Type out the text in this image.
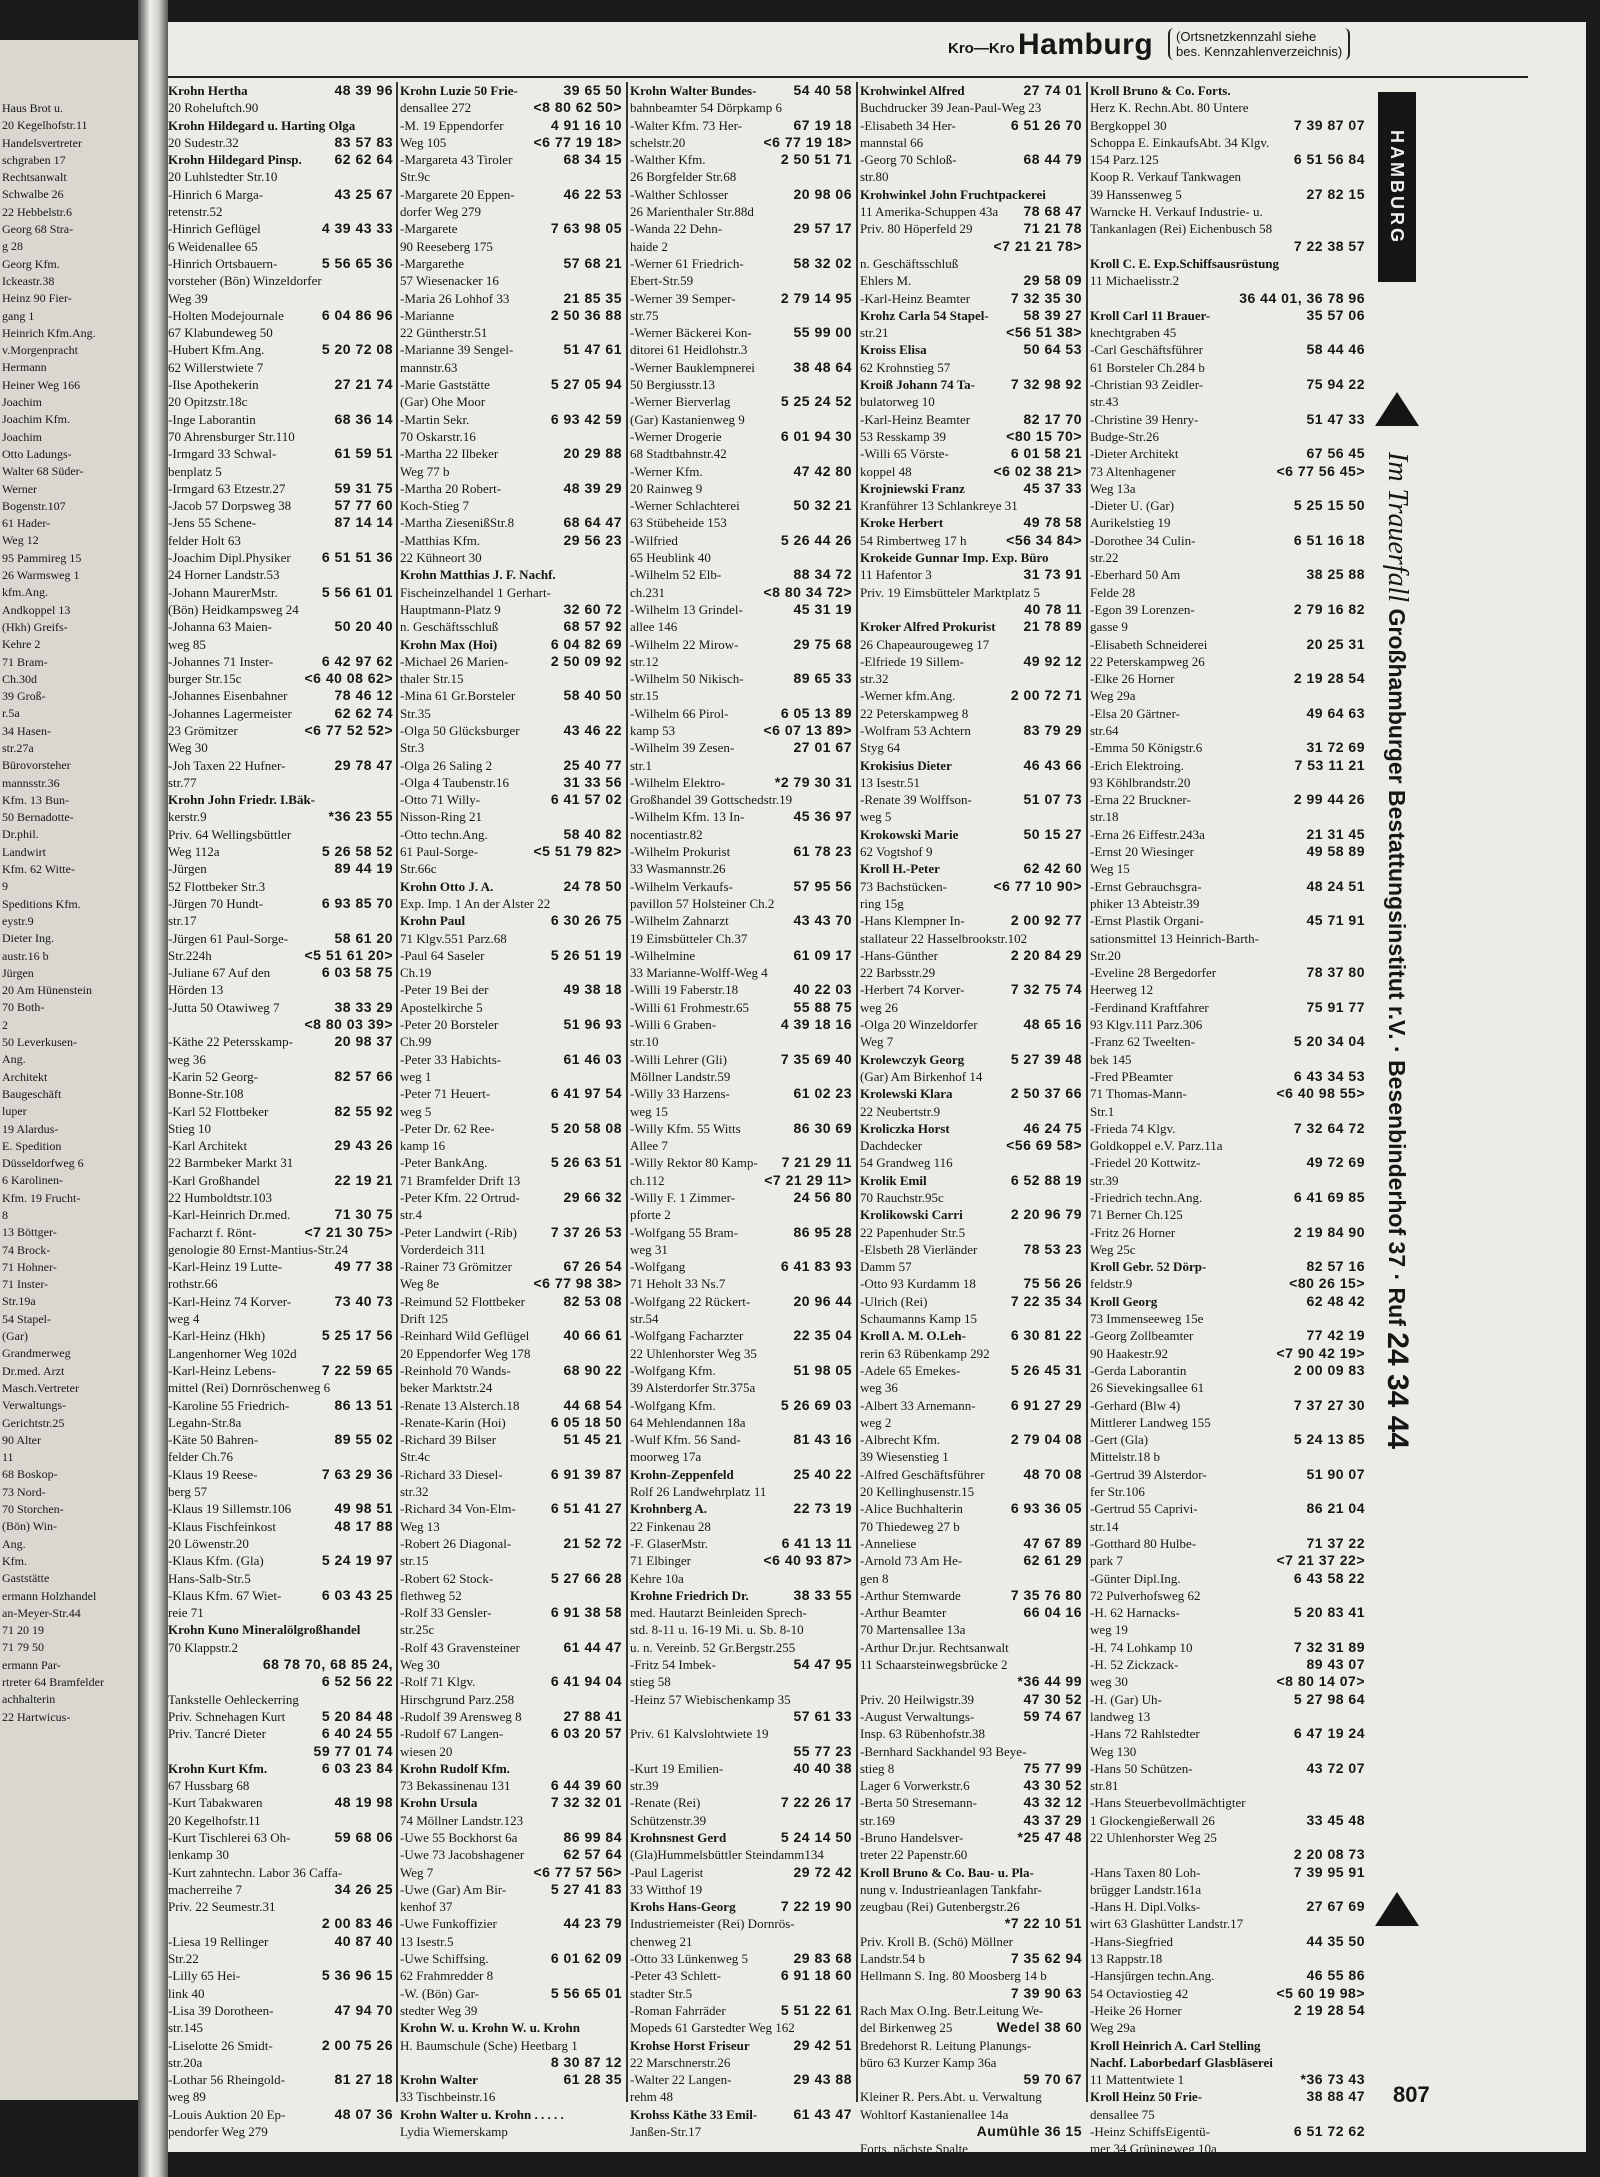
Haus Brot u.
20 Kegelhofstr.11
Handelsvertreter
schgraben 17
Rechtsanwalt
Schwalbe 26
22 Hebbelstr.6
Georg 68 Stra-
g 28
Georg Kfm.
Ickeastr.38
Heinz 90 Fier-
gang 1
Heinrich Kfm.Ang.
v.Morgenpracht
Hermann
Heiner Weg 166
Joachim
Joachim Kfm.
Joachim
Otto Ladungs-
Walter 68 Süder-
Werner
Bogenstr.107
61 Hader-
Weg 12
95 Pammireg 15
26 Warmsweg 1
kfm.Ang.
Andkoppel 13
(Hkh) Greifs-
Kehre 2
71 Bram-
Ch.30d
39 Groß-
r.5a
34 Hasen-
str.27a
Bürovorsteher
mannsstr.36
Kfm. 13 Bun-
50 Bernadotte-
Dr.phil.
Landwirt
Kfm. 62 Witte-
9
Speditions Kfm.
eystr.9
Dieter Ing.
austr.16 b
Jürgen
20 Am Hünenstein
70 Both-
2
50 Leverkusen-
Ang.
Architekt
Baugeschäft
luper
19 Alardus-
E. Spedition
Düsseldorfweg 6
6 Karolinen-
Kfm. 19 Frucht-
8
13 Böttger-
74 Brock-
71 Hohner-
71 Inster-
Str.19a
54 Stapel-
(Gar)
Grandmerweg
Dr.med. Arzt
Masch.Vertreter
Verwaltungs-
Gerichtstr.25
90 Alter
11
68 Boskop-
73 Nord-
70 Storchen-
(Bön) Win-
Ang.
Kfm.
Gaststätte
ermann Holzhandel
an-Meyer-Str.44
71 20 19
71 79 50
ermann Par-
rtreter 64 Bramfelder
achhalterin
22 Hartwicus-
Kro—Kro Hamburg	(Ortsnetzkennzahl siehe
bes. Kennzahlenverzeichnis)
Krohn Hertha	48 39 96
20 Roheluftch.90
Krohn Hildegard u. Harting Olga
20 Sudestr.32	83 57 83
Krohn Hildegard Pinsp. 62 62 64
20 Luhlstedter Str.10
-Hinrich 6 Marga-	43 25 67
retenstr.52
-Hinrich Geflügel	4 39 43 33
6 Weidenallee 65
-Hinrich Ortsbauern-	5 56 65 36
vorsteher (Bön) Winzeldorfer
Weg 39
-Holten Modejournale	6 04 86 96
67 Klabundeweg 50
-Hubert Kfm.Ang.	5 20 72 08
62 Willerstwiete 7
-Ilse Apothekerin	27 21 74
20 Opitzstr.18c
-Inge Laborantin	68 36 14
70 Ahrensburger Str.110
-Irmgard 33 Schwal-	61 59 51
benplatz 5
-Irmgard 63 Etzestr.27	59 31 75
-Jacob 57 Dorpsweg 38	57 77 60
-Jens 55 Schene-	87 14 14
felder Holt 63
-Joachim Dipl.Physiker 6 51 51 36
24 Horner Landstr.53
-Johann MaurerMstr.	5 56 61 01
(Bön) Heidkampsweg 24
-Johanna 63 Maien-	50 20 40
weg 85
-Johannes 71 Inster-	6 42 97 62
burger Str.15c	<6 40 08 62>
-Johannes Eisenbahner	78 46 12
-Johannes Lagermeister	62 62 74
23 Grömitzer	<6 77 52 52>
Weg 30
-Joh Taxen 22 Hufner-	29 78 47
str.77
Krohn John Friedr. I.Bäk-
kerstr.9	*36 23 55
Priv. 64 Wellingsbüttler
Weg 112a	5 26 58 52
-Jürgen	89 44 19
52 Flottbeker Str.3
-Jürgen 70 Hundt-	6 93 85 70
str.17
-Jürgen 61 Paul-Sorge-	58 61 20
Str.224h	<5 51 61 20>
-Juliane 67 Auf den	6 03 58 75
Hörden 13
-Jutta 50 Otawiweg 7	38 33 29
<8 80 03 39>
-Käthe 22 Petersskamp-	20 98 37
weg 36
-Karin 52 Georg-	82 57 66
Bonne-Str.108
-Karl 52 Flottbeker	82 55 92
Stieg 10
-Karl Architekt	29 43 26
22 Barmbeker Markt 31
-Karl Großhandel	22 19 21
22 Humboldtstr.103
-Karl-Heinrich Dr.med.	71 30 75
Facharzt f. Rönt-	<7 21 30 75>
genologie 80 Ernst-Mantius-Str.24
-Karl-Heinz 19 Lutte-	49 77 38
rothstr.66
-Karl-Heinz 74 Korver-	73 40 73
weg 4
-Karl-Heinz (Hkh)	5 25 17 56
Langenhorner Weg 102d
-Karl-Heinz Lebens-	7 22 59 65
mittel (Rei) Dornröschenweg 6
-Karoline 55 Friedrich-	86 13 51
Legahn-Str.8a
-Käte 50 Bahren-	89 55 02
felder Ch.76
-Klaus 19 Reese-	7 63 29 36
berg 57
-Klaus 19 Sillemstr.106	49 98 51
-Klaus Fischfeinkost	48 17 88
20 Löwenstr.20
-Klaus Kfm. (Gla)	5 24 19 97
Hans-Salb-Str.5
-Klaus Kfm. 67 Wiet-	6 03 43 25
reie 71
Krohn Kuno Mineralölgroßhandel
70 Klappstr.2
68 78 70, 68 85 24,
6 52 56 22
Tankstelle Oehleckerring
Priv. Schnehagen Kurt	5 20 84 48
Priv. Tancré Dieter	6 40 24 55
59 77 01 74
Krohn Kurt Kfm.	6 03 23 84
67 Hussbarg 68
-Kurt Tabakwaren	48 19 98
20 Kegelhofstr.11
-Kurt Tischlerei 63 Oh-	59 68 06
lenkamp 30
-Kurt zahntechn. Labor 36 Caffa-
macherreihe 7	34 26 25
Priv. 22 Seumestr.31
2 00 83 46
-Liesa 19 Rellinger	40 87 40
Str.22
-Lilly 65 Hei-	5 36 96 15
link 40
-Lisa 39 Dorotheen-	47 94 70
str.145
-Liselotte 26 Smidt-	2 00 75 26
str.20a
-Lothar 56 Rheingold-	81 27 18
weg 89
-Louis Auktion 20 Ep-	48 07 36
pendorfer Weg 279
Krohn Luzie 50 Frie-	39 65 50
densallee 272	<8 80 62 50>
-M. 19 Eppendorfer	4 91 16 10
Weg 105	<6 77 19 18>
-Margareta 43 Tiroler	68 34 15
Str.9c
-Margarete 20 Eppen-	46 22 53
dorfer Weg 279
-Margarete	7 63 98 05
90 Reeseberg 175
-Margarethe	57 68 21
57 Wiesenacker 16
-Maria 26 Lohhof 33	21 85 35
-Marianne	2 50 36 88
22 Güntherstr.51
-Marianne 39 Sengel-	51 47 61
mannstr.63
-Marie Gaststätte	5 27 05 94
(Gar) Ohe Moor
-Martin Sekr.	6 93 42 59
70 Oskarstr.16
-Martha 22 Ilbeker	20 29 88
Weg 77 b
-Martha 20 Robert-	48 39 29
Koch-Stieg 7
-Martha ZiesenißStr.8	68 64 47
-Matthias Kfm.	29 56 23
22 Kühneort 30
Krohn Matthias J. F. Nachf.
Fischeinzelhandel 1 Gerhart-
Hauptmann-Platz 9	32 60 72
n. Geschäftsschluß	68 57 92
Krohn Max (Hoi)	6 04 82 69
-Michael 26 Marien-	2 50 09 92
thaler Str.15
-Mina 61 Gr.Borsteler	58 40 50
Str.35
-Olga 50 Glücksburger	43 46 22
Str.3
-Olga 26 Saling 2	25 40 77
-Olga 4 Taubenstr.16	31 33 56
-Otto 71 Willy-	6 41 57 02
Nisson-Ring 21
-Otto techn.Ang.	58 40 82
61 Paul-Sorge-	<5 51 79 82>
Str.66c
Krohn Otto J. A.	24 78 50
Exp. Imp. 1 An der Alster 22
Krohn Paul	6 30 26 75
71 Klgv.551 Parz.68
-Paul 64 Saseler	5 26 51 19
Ch.19
-Peter 19 Bei der	49 38 18
Apostelkirche 5
-Peter 20 Borsteler	51 96 93
Ch.99
-Peter 33 Habichts-	61 46 03
weg 1
-Peter 71 Heuert-	6 41 97 54
weg 5
-Peter Dr. 62 Ree-	5 20 58 08
kamp 16
-Peter BankAng.	5 26 63 51
71 Bramfelder Drift 13
-Peter Kfm. 22 Ortrud-	29 66 32
str.4
-Peter Landwirt (-Rib) 7 37 26 53
Vorderdeich 311
-Rainer 73 Grömitzer	67 26 54
Weg 8e	<6 77 98 38>
-Reimund 52 Flottbeker	82 53 08
Drift 125
-Reinhard Wild Geflügel 40 66 61
20 Eppendorfer Weg 178
-Reinhold 70 Wands-	68 90 22
beker Marktstr.24
-Renate 13 Alsterch.18	44 68 54
-Renate-Karin (Hoi)	6 05 18 50
-Richard 39 Bilser	51 45 21
Str.4c
-Richard 33 Diesel-	6 91 39 87
str.32
-Richard 34 Von-Elm-	6 51 41 27
Weg 13
-Robert 26 Diagonal-	21 52 72
str.15
-Robert 62 Stock-	5 27 66 28
flethweg 52
-Rolf 33 Gensler-	6 91 38 58
str.25c
-Rolf 43 Gravensteiner	61 44 47
Weg 30
-Rolf 71 Klgv.	6 41 94 04
Hirschgrund Parz.258
-Rudolf 39 Arensweg 8	27 88 41
-Rudolf 67 Langen-	6 03 20 57
wiesen 20
Krohn Rudolf Kfm.
73 Bekassinenau 131	6 44 39 60
Krohn Ursula	7 32 32 01
74 Möllner Landstr.123
-Uwe 55 Bockhorst 6a	86 99 84
-Uwe 73 Jacobshagener	62 57 64
Weg 7	<6 77 57 56>
-Uwe (Gar) Am Bir-	5 27 41 83
kenhof 37
-Uwe Funkoffizier	44 23 79
13 Isestr.5
-Uwe Schiffsing.	6 01 62 09
62 Frahmredder 8
-W. (Bön) Gar-	5 56 65 01
stedter Weg 39
Krohn W. u. Krohn W. u. Krohn
H. Baumschule (Sche) Heetbarg 1
8 30 87 12
Krohn Walter	61 28 35
33 Tischbeinstr.16
Krohn Walter u. Krohn . . . . .
Lydia Wiemerskamp
Krohn Walter Bundes-	54 40 58
bahnbeamter 54 Dörpkamp 6
-Walter Kfm. 73 Her-	67 19 18
schelstr.20	<6 77 19 18>
-Walther Kfm.	2 50 51 71
26 Borgfelder Str.68
-Walther Schlosser	20 98 06
26 Marienthaler Str.88d
-Wanda 22 Dehn-	29 57 17
haide 2
-Werner 61 Friedrich-	58 32 02
Ebert-Str.59
-Werner 39 Semper-	2 79 14 95
str.75
-Werner Bäckerei Kon-	55 99 00
ditorei 61 Heidlohstr.3
-Werner Bauklempnerei	38 48 64
50 Bergiusstr.13
-Werner Bierverlag	5 25 24 52
(Gar) Kastanienweg 9
-Werner Drogerie	6 01 94 30
68 Stadtbahnstr.42
-Werner Kfm.	47 42 80
20 Rainweg 9
-Werner Schlachterei	50 32 21
63 Stübeheide 153
-Wilfried	5 26 44 26
65 Heublink 40
-Wilhelm 52 Elb-	88 34 72
ch.231	<8 80 34 72>
-Wilhelm 13 Grindel-	45 31 19
allee 146
-Wilhelm 22 Mirow-	29 75 68
str.12
-Wilhelm 50 Nikisch-	89 65 33
str.15
-Wilhelm 66 Pirol-	6 05 13 89
kamp 53	<6 07 13 89>
-Wilhelm 39 Zesen-	27 01 67
str.1
-Wilhelm Elektro-	*2 79 30 31
Großhandel 39 Gottschedstr.19
-Wilhelm Kfm. 13 In-	45 36 97
nocentiastr.82
-Wilhelm Prokurist	61 78 23
33 Wasmannstr.26
-Wilhelm Verkaufs-	57 95 56
pavillon 57 Holsteiner Ch.2
-Wilhelm Zahnarzt	43 43 70
19 Eimsbütteler Ch.37
-Wilhelmine	61 09 17
33 Marianne-Wolff-Weg 4
-Willi 19 Faberstr.18	40 22 03
-Willi 61 Frohmestr.65	55 88 75
-Willi 6 Graben-	4 39 18 16
str.10
-Willi Lehrer (Gli)	7 35 69 40
Möllner Landstr.59
-Willy 33 Harzens-	61 02 23
weg 15
-Willy Kfm. 55 Witts	86 30 69
Allee 7
-Willy Rektor 80 Kamp- 7 21 29 11
ch.112	<7 21 29 11>
-Willy F. 1 Zimmer-	24 56 80
pforte 2
-Wolfgang 55 Bram-	86 95 28
weg 31
-Wolfgang	6 41 83 93
71 Heholt 33 Ns.7
-Wolfgang 22 Rückert-	20 96 44
str.54
-Wolfgang Facharzter	22 35 04
22 Uhlenhorster Weg 35
-Wolfgang Kfm.	51 98 05
39 Alsterdorfer Str.375a
-Wolfgang Kfm.	5 26 69 03
64 Mehlendannen 18a
-Wulf Kfm. 56 Sand-	81 43 16
moorweg 17a
Krohn-Zeppenfeld	25 40 22
Rolf 26 Landwehrplatz 11
Krohnberg A.	22 73 19
22 Finkenau 28
-F. GlaserMstr.	6 41 13 11
71 Elbinger	<6 40 93 87>
Kehre 10a
Krohne Friedrich Dr.	38 33 55
med. Hautarzt Beinleiden Sprech-
std. 8-11 u. 16-19 Mi. u. Sb. 8-10
u. n. Vereinb. 52 Gr.Bergstr.255
-Fritz 54 Imbek-	54 47 95
stieg 58
-Heinz 57 Wiebischenkamp 35
57 61 33
Priv. 61 Kalvslohtwiete 19
55 77 23
-Kurt 19 Emilien-	40 40 38
str.39
-Renate (Rei)	7 22 26 17
Schützenstr.39
Krohnsnest Gerd	5 24 14 50
(Gla)Hummelsbüttler Steindamm134
-Paul Lagerist	29 72 42
33 Witthof 19
Krohs Hans-Georg	7 22 19 90
Industriemeister (Rei) Dornrös-
chenweg 21
-Otto 33 Lünkenweg 5	29 83 68
-Peter 43 Schlett-	6 91 18 60
stadter Str.5
-Roman Fahrräder	5 51 22 61
Mopeds 61 Garstedter Weg 162
Krohse Horst Friseur	29 42 51
22 Marschnerstr.26
-Walter 22 Langen-	29 43 88
rehm 48
Krohss Käthe 33 Emil-	61 43 47
Janßen-Str.17
Krohwinkel Alfred	27 74 01
Buchdrucker 39 Jean-Paul-Weg 23
-Elisabeth 34 Her-	6 51 26 70
mannstal 66
-Georg 70 Schloß-	68 44 79
str.80
Krohwinkel John Fruchtpackerei
11 Amerika-Schuppen 43a 78 68 47
Priv. 80 Höperfeld 29	71 21 78
<7 21 21 78>
n. Geschäftsschluß
Ehlers M.	29 58 09
-Karl-Heinz Beamter	7 32 35 30
Krohz Carla 54 Stapel- 58 39 27
str.21	<56 51 38>
Kroiss Elisa	50 64 53
62 Krohnstieg 57
Kroiß Johann 74 Ta-	7 32 98 92
bulatorweg 10
-Karl-Heinz Beamter	82 17 70
53 Resskamp 39	<80 15 70>
-Willi 65 Vörste-	6 01 58 21
koppel 48	<6 02 38 21>
Krojniewski Franz	45 37 33
Kranführer 13 Schlankreye 31
Kroke Herbert	49 78 58
54 Rimbertweg 17 h	<56 34 84>
Krokeide Gunnar Imp. Exp. Büro
11 Hafentor 3	31 73 91
Priv. 19 Eimsbütteler Marktplatz 5
40 78 11
Kroker Alfred Prokurist 21 78 89
26 Chapeaurougeweg 17
-Elfriede 19 Sillem-	49 92 12
str.32
-Werner kfm.Ang.	2 00 72 71
22 Peterskampweg 8
-Wolfram 53 Achtern	83 79 29
Styg 64
Krokisius Dieter	46 43 66
13 Isestr.51
-Renate 39 Wolffson-	51 07 73
weg 5
Krokowski Marie	50 15 27
62 Vogtshof 9
Kroll H.-Peter	62 42 60
73 Bachstücken-	<6 77 10 90>
ring 15g
-Hans Klempner In-	2 00 92 77
stallateur 22 Hasselbrookstr.102
-Hans-Günther	2 20 84 29
22 Barbsstr.29
-Herbert 74 Korver-	7 32 75 74
weg 26
-Olga 20 Winzeldorfer	48 65 16
Weg 7
Krolewczyk Georg	5 27 39 48
(Gar) Am Birkenhof 14
Krolewski Klara	2 50 37 66
22 Neubertstr.9
Kroliczka Horst	46 24 75
Dachdecker	<56 69 58>
54 Grandweg 116
Krolik Emil	6 52 88 19
70 Rauchstr.95c
Krolikowski Carri	2 20 96 79
22 Papenhuder Str.5
-Elsbeth 28 Vierländer	78 53 23
Damm 57
-Otto 93 Kurdamm 18	75 56 26
-Ulrich (Rei)	7 22 35 34
Schaumanns Kamp 15
Kroll A. M. O.Leh-	6 30 81 22
rerin 63 Rübenkamp 292
-Adele 65 Emekes-	5 26 45 31
weg 36
-Albert 33 Arnemann-	6 91 27 29
weg 2
-Albrecht Kfm.	2 79 04 08
39 Wiesenstieg 1
-Alfred Geschäftsführer	48 70 08
20 Kellinghusenstr.15
-Alice Buchhalterin	6 93 36 05
70 Thiedeweg 27 b
-Anneliese	47 67 89
-Arnold 73 Am He-	62 61 29
gen 8
-Arthur Stemwarde	7 35 76 80
-Arthur Beamter	66 04 16
70 Martensallee 13a
-Arthur Dr.jur. Rechtsanwalt
11 Schaarsteinwegsbrücke 2
*36 44 99
Priv. 20 Heilwigstr.39	47 30 52
-August Verwaltungs-	59 74 67
Insp. 63 Rübenhofstr.38
-Bernhard Sackhandel 93 Beye-
stieg 8	75 77 99
Lager 6 Vorwerkstr.6	43 30 52
-Berta 50 Stresemann-	43 32 12
str.169	43 37 29
-Bruno Handelsver-	*25 47 48
treter 22 Papenstr.60
Kroll Bruno & Co. Bau- u. Pla-
nung v. Industrieanlagen Tankfahr-
zeugbau (Rei) Gutenbergstr.26
*7 22 10 51
Priv. Kroll B. (Schö) Möllner
Landstr.54 b	7 35 62 94
Hellmann S. Ing. 80 Moosberg 14 b
7 39 90 63
Rach Max O.Ing. Betr.Leitung We-
del Birkenweg 25	Wedel 38 60
Bredehorst R. Leitung Planungs-
büro 63 Kurzer Kamp 36a
59 70 67
Kleiner R. Pers.Abt. u. Verwaltung
Wohltorf Kastanienallee 14a
Aumühle 36 15
Forts. nächste Spalte
Kroll Bruno & Co. Forts.
Herz K. Rechn.Abt. 80 Untere
Bergkoppel 30	7 39 87 07
Schoppa E. EinkaufsAbt. 34 Klgv.
154 Parz.125	6 51 56 84
Koop R. Verkauf Tankwagen
39 Hanssenweg 5	27 82 15
Warncke H. Verkauf Industrie- u.
Tankanlagen (Rei) Eichenbusch 58
7 22 38 57
Kroll C. E. Exp.Schiffsausrüstung
11 Michaelisstr.2
36 44 01, 36 78 96
Kroll Carl 11 Brauer-	35 57 06
knechtgraben 45
-Carl Geschäftsführer	58 44 46
61 Borsteler Ch.284 b
-Christian 93 Zeidler-	75 94 22
str.43
-Christine 39 Henry-	51 47 33
Budge-Str.26
-Dieter Architekt	67 56 45
73 Altenhagener	<6 77 56 45>
Weg 13a
-Dieter U. (Gar)	5 25 15 50
Aurikelstieg 19
-Dorothee 34 Culin-	6 51 16 18
str.22
-Eberhard 50 Am	38 25 88
Felde 28
-Egon 39 Lorenzen-	2 79 16 82
gasse 9
-Elisabeth Schneiderei	20 25 31
22 Peterskampweg 26
-Elke 26 Horner	2 19 28 54
Weg 29a
-Elsa 20 Gärtner-	49 64 63
str.64
-Emma 50 Königstr.6	31 72 69
-Erich Elektroing.	7 53 11 21
93 Köhlbrandstr.20
-Erna 22 Bruckner-	2 99 44 26
str.18
-Erna 26 Eiffestr.243a	21 31 45
-Ernst 20 Wiesinger	49 58 89
Weg 15
-Ernst Gebrauchsgra-	48 24 51
phiker 13 Abteistr.39
-Ernst Plastik Organi-	45 71 91
sationsmittel 13 Heinrich-Barth-
Str.20
-Eveline 28 Bergedorfer	78 37 80
Heerweg 12
-Ferdinand Kraftfahrer	75 91 77
93 Klgv.111 Parz.306
-Franz 62 Tweelten-	5 20 34 04
bek 145
-Fred PBeamter	6 43 34 53
71 Thomas-Mann-	<6 40 98 55>
Str.1
-Frieda 74 Klgv.	7 32 64 72
Goldkoppel e.V. Parz.11a
-Friedel 20 Kottwitz-	49 72 69
str.39
-Friedrich techn.Ang.	6 41 69 85
71 Berner Ch.125
-Fritz 26 Horner	2 19 84 90
Weg 25c
Kroll Gebr. 52 Dörp-	82 57 16
feldstr.9	<80 26 15>
Kroll Georg	62 48 42
73 Immenseeweg 15e
-Georg Zollbeamter	77 42 19
90 Haakestr.92	<7 90 42 19>
-Gerda Laborantin	2 00 09 83
26 Sievekingsallee 61
-Gerhard (Blw 4)	7 37 27 30
Mittlerer Landweg 155
-Gert (Gla)	5 24 13 85
Mittelstr.18 b
-Gertrud 39 Alsterdor-	51 90 07
fer Str.106
-Gertrud 55 Caprivi-	86 21 04
str.14
-Gotthard 80 Hulbe-	71 37 22
park 7	<7 21 37 22>
-Günter Dipl.Ing.	6 43 58 22
72 Pulverhofsweg 62
-H. 62 Harnacks-	5 20 83 41
weg 19
-H. 74 Lohkamp 10	7 32 31 89
-H. 52 Zickzack-	89 43 07
weg 30	<8 80 14 07>
-H. (Gar) Uh-	5 27 98 64
landweg 13
-Hans 72 Rahlstedter	6 47 19 24
Weg 130
-Hans 50 Schützen-	43 72 07
str.81
-Hans Steuerbevollmächtigter
1 Glockengießerwall 26	33 45 48
22 Uhlenhorster Weg 25
2 20 08 73
-Hans Taxen 80 Loh-	7 39 95 91
brügger Landstr.161a
-Hans H. Dipl.Volks-	27 67 69
wirt 63 Glashütter Landstr.17
-Hans-Siegfried	44 35 50
13 Rappstr.18
-Hansjürgen techn.Ang.	46 55 86
54 Octaviostieg 42	<5 60 19 98>
-Heike 26 Horner	2 19 28 54
Weg 29a
Kroll Heinrich A. Carl Stelling
Nachf. Laborbedarf Glasbläserei
11 Mattentwiete 1	*36 73 43
Kroll Heinz 50 Frie-	38 88 47
densallee 75
-Heinz SchiffsEigentü-	6 51 72 62
mer 34 Grüningweg 10a
HAMBURG
Im Trauerfall Großhamburger Bestattungsinstitut r.V. · Besenbinderhof 37 · Ruf 24 34 44
807
